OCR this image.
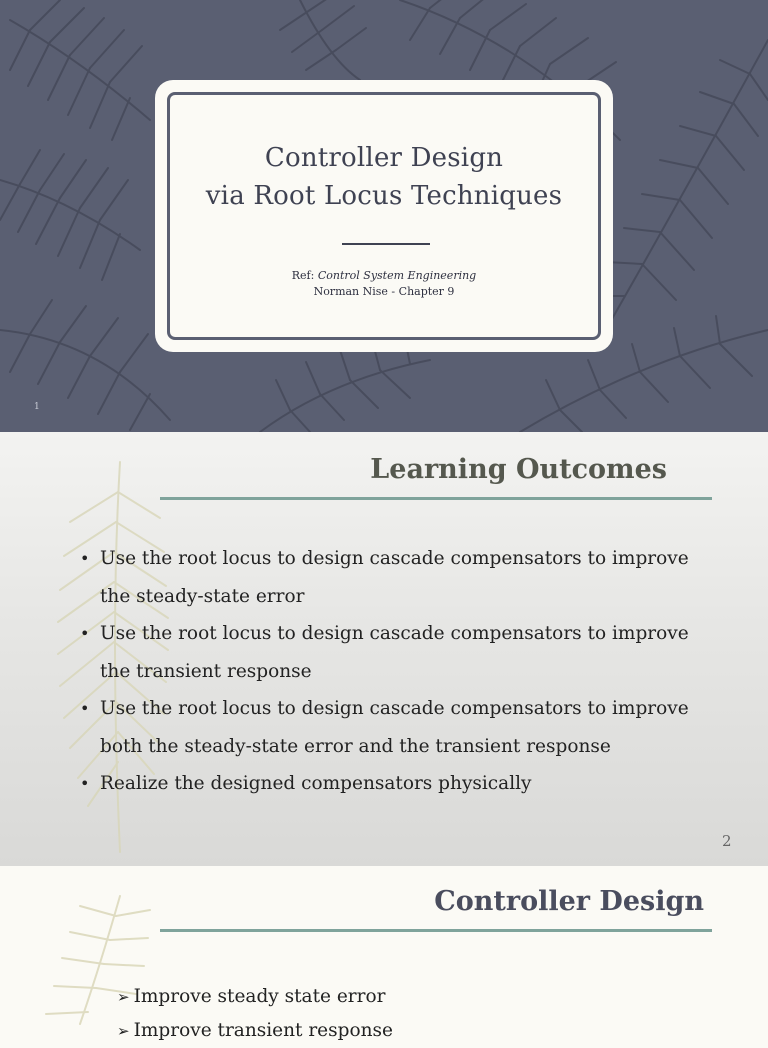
Controller Design
via Root Locus Techniques
Ref: Control System Engineering
Norman Nise - Chapter 9
1
Learning Outcomes
• Use the root locus to design cascade compensators to improve the steady-state error
• Use the root locus to design cascade compensators to improve the transient response
• Use the root locus to design cascade compensators to improve both the steady-state error and the transient response
• Realize the designed compensators physically
2
Controller Design
➢ Improve steady state error
➢ Improve transient response
